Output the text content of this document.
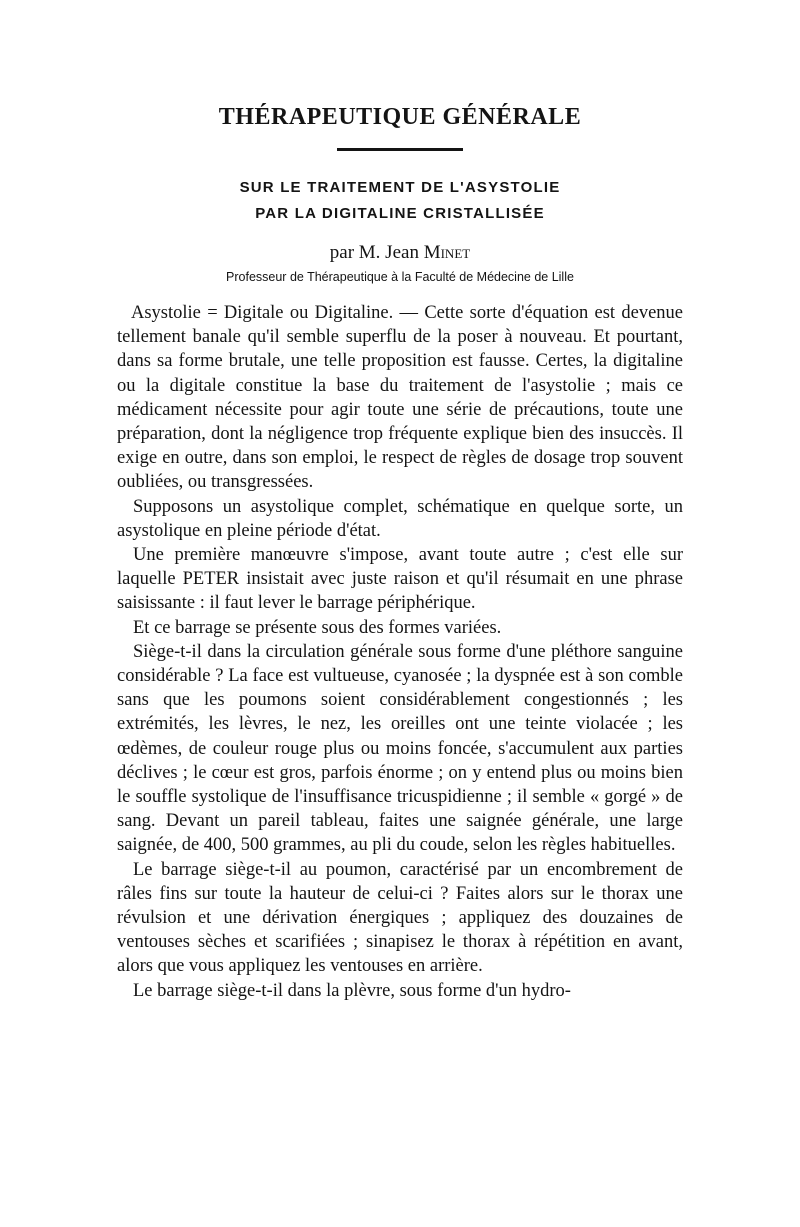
THÉRAPEUTIQUE GÉNÉRALE

SUR LE TRAITEMENT DE L'ASYSTOLIE

PAR LA DIGITALINE CRISTALLISÉE

par M. Jean Minet
Professeur de Thérapeutique à la Faculté de Médecine de Lille

Asystolie = Digitale ou Digitaline. — Cette sorte d'équation est devenue tellement banale qu'il semble superflu de la poser à nouveau. Et pourtant, dans sa forme brutale, une telle proposition est fausse. Certes, la digitaline ou la digitale constitue la base du traitement de l'asystolie ; mais ce médicament nécessite pour agir toute une série de précautions, toute une préparation, dont la négligence trop fréquente explique bien des insuccès. Il exige en outre, dans son emploi, le respect de règles de dosage trop souvent oubliées, ou transgressées.

Supposons un asystolique complet, schématique en quelque sorte, un asystolique en pleine période d'état.

Une première manœuvre s'impose, avant toute autre ; c'est elle sur laquelle PETER insistait avec juste raison et qu'il résumait en une phrase saisissante : il faut lever le barrage périphérique.

Et ce barrage se présente sous des formes variées.

Siège-t-il dans la circulation générale sous forme d'une pléthore sanguine considérable ? La face est vultueuse, cyanosée ; la dyspnée est à son comble sans que les poumons soient considérablement congestionnés ; les extrémités, les lèvres, le nez, les oreilles ont une teinte violacée ; les œdèmes, de couleur rouge plus ou moins foncée, s'accumulent aux parties déclives ; le cœur est gros, parfois énorme ; on y entend plus ou moins bien le souffle systolique de l'insuffisance tricuspidienne ; il semble « gorgé » de sang. Devant un pareil tableau, faites une saignée générale, une large saignée, de 400, 500 grammes, au pli du coude, selon les règles habituelles.

Le barrage siège-t-il au poumon, caractérisé par un encombrement de râles fins sur toute la hauteur de celui-ci ? Faites alors sur le thorax une révulsion et une dérivation énergiques ; appliquez des douzaines de ventouses sèches et scarifiées ; sinapisez le thorax à répétition en avant, alors que vous appliquez les ventouses en arrière.

Le barrage siège-t-il dans la plèvre, sous forme d'un hydro-
